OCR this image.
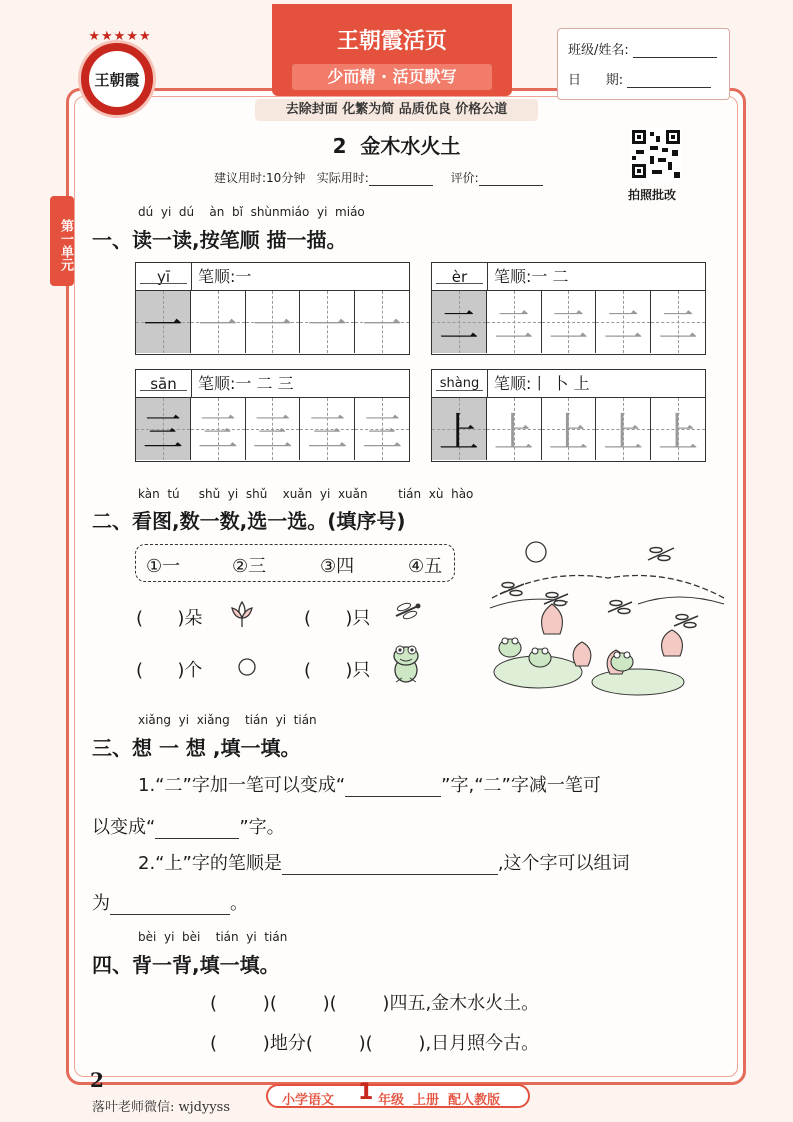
★★★★★
王朝霞
王朝霞活页
少而精 · 活页默写
去除封面 化繁为简 品质优良 价格公道
班级/姓名:
日      期:
第一单元
2  金木水火土
建议用时:10分钟 实际用时:	评价:
拍照批改
dú  yi  dú    àn  bǐ  shùnmiáo  yi  miáo
一、读一读,按笔顺 描一描。
yī	笔顺:一
一 一 一 一 一
èr	笔顺:一 二
二 二 二 二 二
sān	笔顺:一 二 三
三 三 三 三 三
shàng 笔顺:丨 卜 上
上 上 上 上 上
kàn  tú     shǔ  yi  shǔ    xuǎn  yi  xuǎn        tián  xù  hào
二、看图,数一数,选一选。(填序号)
①一	②三	③四	④五
(      )朵	(      )只
(      )个	(      )只
xiǎng  yi  xiǎng    tián  yi  tián
三、想 一 想 ,填一填。
1.“二”字加一笔可以变成“	”字,“二”字减一笔可
以变成“	”字。
2.“上”字的笔顺是	,这个字可以组词
为	。
bèi  yi  bèi    tián  yi  tián
四、背一背,填一填。
(        )(        )(        )四五,金木水火土。
(        )地分(        )(        ),日月照今古。
2
小学语文 1 年级  上册  配人教版
落叶老师微信: wjdyyss
